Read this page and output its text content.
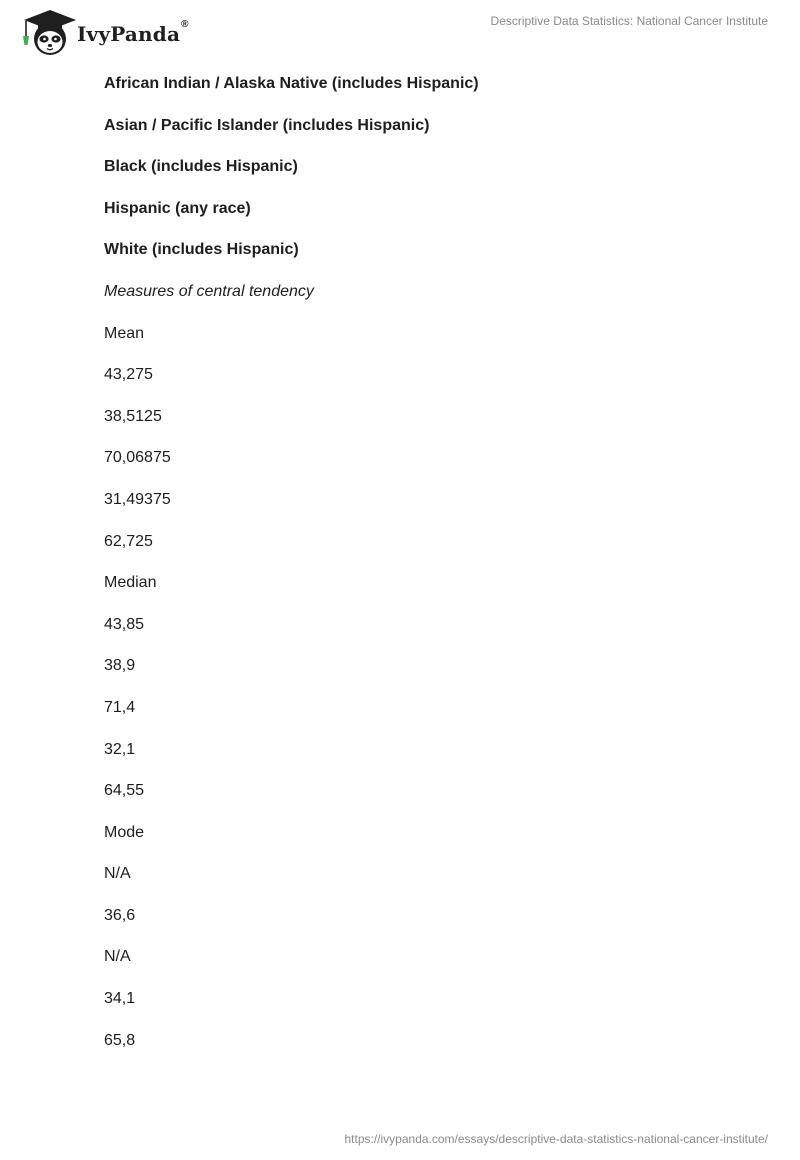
IvyPanda ®	Descriptive Data Statistics: National Cancer Institute
African Indian / Alaska Native (includes Hispanic)
Asian / Pacific Islander (includes Hispanic)
Black (includes Hispanic)
Hispanic (any race)
White (includes Hispanic)
Measures of central tendency
Mean
43,275
38,5125
70,06875
31,49375
62,725
Median
43,85
38,9
71,4
32,1
64,55
Mode
N/A
36,6
N/A
34,1
65,8
https://ivypanda.com/essays/descriptive-data-statistics-national-cancer-institute/
